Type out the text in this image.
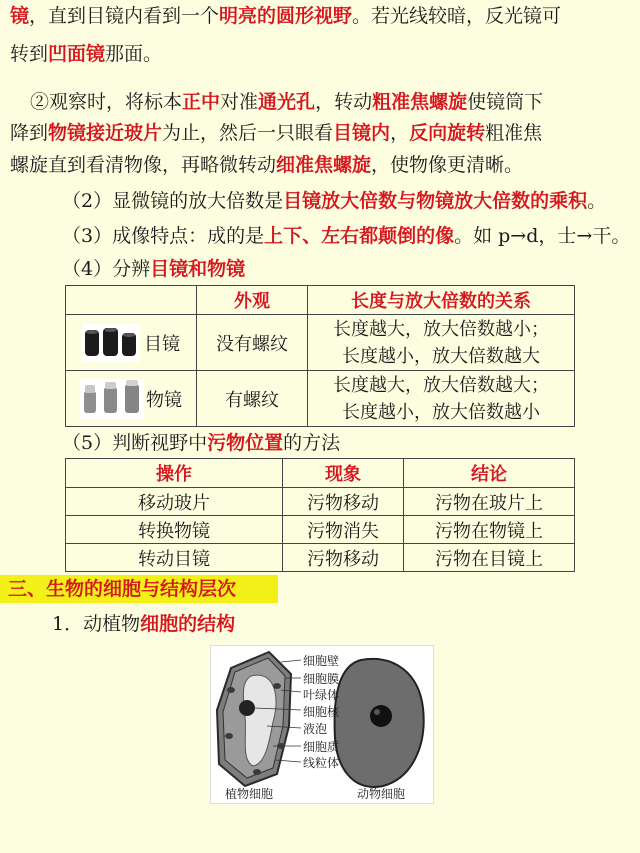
镜，直到目镜内看到一个明亮的圆形视野。若光线较暗，反光镜可
转到凹面镜那面。
②观察时，将标本正中对准通光孔，转动粗准焦螺旋使镜筒下
降到物镜接近玻片为止，然后一只眼看目镜内，反向旋转粗准焦
螺旋直到看清物像，再略微转动细准焦螺旋，使物像更清晰。
（2）显微镜的放大倍数是目镜放大倍数与物镜放大倍数的乘积。
（3）成像特点：成的是上下、左右都颠倒的像。如 p→d，士→干。
（4）分辨目镜和物镜
	外观	长度与放大倍数的关系

目镜	没有螺纹	长度越大，放大倍数越小；
长度越小，放大倍数越大

物镜	有螺纹	长度越大，放大倍数越大；
长度越小，放大倍数越小
（5）判断视野中污物位置的方法
操作	现象	结论
移动玻片	污物移动	污物在玻片上
转换物镜	污物消失	污物在物镜上
转动目镜	污物移动	污物在目镜上
三、生物的细胞与结构层次
1．动植物细胞的结构
细胞壁
细胞膜
叶绿体
细胞核
液泡
细胞质
线粒体
植物细胞	动物细胞
